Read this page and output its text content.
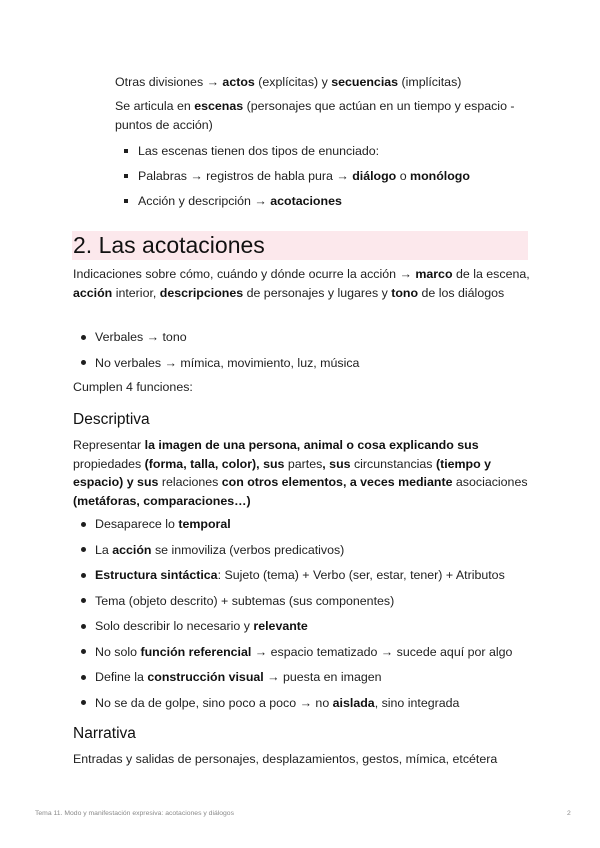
Otras divisiones → actos (explícitas) y secuencias (implícitas)

Se articula en escenas (personajes que actúan en un tiempo y espacio - puntos de acción)

Las escenas tienen dos tipos de enunciado:
Palabras → registros de habla pura → diálogo o monólogo
Acción y descripción → acotaciones
2. Las acotaciones

Indicaciones sobre cómo, cuándo y dónde ocurre la acción → marco de la escena, acción interior, descripciones de personajes y lugares y tono de los diálogos

Verbales → tono
No verbales → mímica, movimiento, luz, música

Cumplen 4 funciones:

Descriptiva

Representar la imagen de una persona, animal o cosa explicando sus propiedades (forma, talla, color), sus partes, sus circunstancias (tiempo y espacio) y sus relaciones con otros elementos, a veces mediante asociaciones (metáforas, comparaciones…)

Desaparece lo temporal
La acción se inmoviliza (verbos predicativos)
Estructura sintáctica: Sujeto (tema) + Verbo (ser, estar, tener) + Atributos
Tema (objeto descrito) + subtemas (sus componentes)
Solo describir lo necesario y relevante
No solo función referencial → espacio tematizado → sucede aquí por algo
Define la construcción visual → puesta en imagen
No se da de golpe, sino poco a poco → no aislada, sino integrada
Narrativa

Entradas y salidas de personajes, desplazamientos, gestos, mímica, etcétera

Tema 11. Modo y manifestación expresiva: acotaciones y diálogos	2
